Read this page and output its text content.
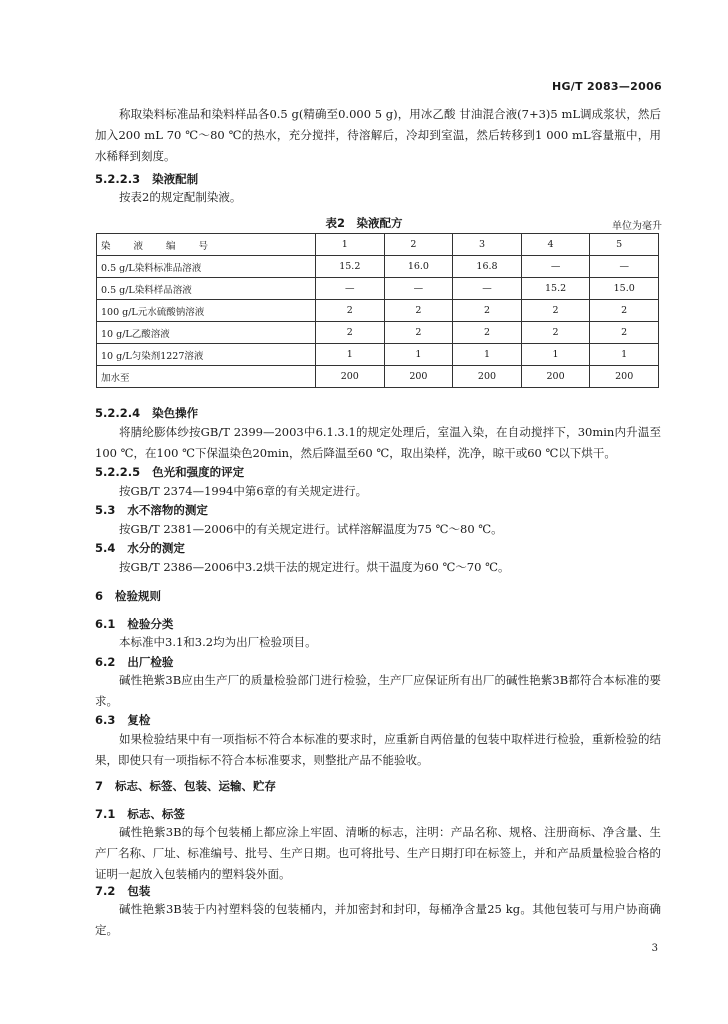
HG/T 2083—2006
称取染料标准品和染料样品各0.5 g(精确至0.000 5 g)，用冰乙酸 甘油混合液(7+3)5 mL调成浆状，然后加入200 mL 70 ℃～80 ℃的热水，充分搅拌，待溶解后，冷却到室温，然后转移到1 000 mL容量瓶中，用水稀释到刻度。
5.2.2.3 染液配制
按表2的规定配制染液。
表2　染液配方	单位为毫升
染 液 编 号	1	2	3	4	5
0.5 g/L染料标准品溶液	15.2	16.0	16.8	—	—
0.5 g/L染料样品溶液	—	—	—	15.2	15.0
100 g/L元水硫酸钠溶液	2	2	2	2	2
10 g/L乙酸溶液	2	2	2	2	2
10 g/L匀染剂1227溶液	1	1	1	1	1
加水至	200	200	200	200	200
5.2.2.4 染色操作
将腈纶膨体纱按GB/T 2399—2003中6.1.3.1的规定处理后，室温入染，在自动搅拌下，30min内升温至100 ℃，在100 ℃下保温染色20min，然后降温至60 ℃，取出染样，洗净，晾干或60 ℃以下烘干。
5.2.2.5 色光和强度的评定
按GB/T 2374—1994中第6章的有关规定进行。
5.3 水不溶物的测定
按GB/T 2381—2006中的有关规定进行。试样溶解温度为75 ℃～80 ℃。
5.4 水分的测定
按GB/T 2386—2006中3.2烘干法的规定进行。烘干温度为60 ℃～70 ℃。
6 检验规则
6.1 检验分类
本标准中3.1和3.2均为出厂检验项目。
6.2 出厂检验
碱性艳紫3B应由生产厂的质量检验部门进行检验，生产厂应保证所有出厂的碱性艳紫3B都符合本标准的要求。
6.3 复检
如果检验结果中有一项指标不符合本标准的要求时，应重新自两倍量的包装中取样进行检验，重新检验的结果，即使只有一项指标不符合本标准要求，则整批产品不能验收。
7 标志、标签、包装、运输、贮存
7.1 标志、标签
碱性艳紫3B的每个包装桶上都应涂上牢固、清晰的标志，注明：产品名称、规格、注册商标、净含量、生产厂名称、厂址、标准编号、批号、生产日期。也可将批号、生产日期打印在标签上，并和产品质量检验合格的证明一起放入包装桶内的塑料袋外面。
7.2 包装
碱性艳紫3B装于内衬塑料袋的包装桶内，并加密封和封印，每桶净含量25 kg。其他包装可与用户协商确定。
3
